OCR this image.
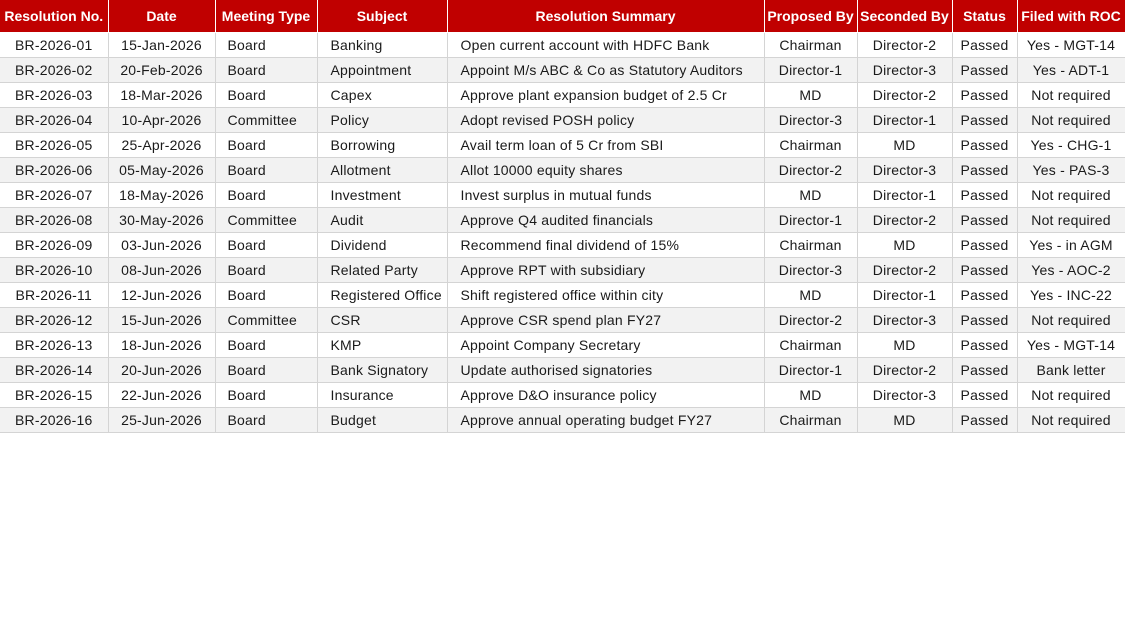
Resolution No.	Date	Meeting Type	Subject	Resolution Summary	Proposed By	Seconded By	Status	Filed with ROC
BR-2026-01	15-Jan-2026	Board	Banking	Open current account with HDFC Bank	Chairman	Director-2	Passed	Yes - MGT-14
BR-2026-02	20-Feb-2026	Board	Appointment	Appoint M/s ABC & Co as Statutory Auditors	Director-1	Director-3	Passed	Yes - ADT-1
BR-2026-03	18-Mar-2026	Board	Capex	Approve plant expansion budget of 2.5 Cr	MD	Director-2	Passed	Not required
BR-2026-04	10-Apr-2026	Committee	Policy	Adopt revised POSH policy	Director-3	Director-1	Passed	Not required
BR-2026-05	25-Apr-2026	Board	Borrowing	Avail term loan of 5 Cr from SBI	Chairman	MD	Passed	Yes - CHG-1
BR-2026-06	05-May-2026	Board	Allotment	Allot 10000 equity shares	Director-2	Director-3	Passed	Yes - PAS-3
BR-2026-07	18-May-2026	Board	Investment	Invest surplus in mutual funds	MD	Director-1	Passed	Not required
BR-2026-08	30-May-2026	Committee	Audit	Approve Q4 audited financials	Director-1	Director-2	Passed	Not required
BR-2026-09	03-Jun-2026	Board	Dividend	Recommend final dividend of 15%	Chairman	MD	Passed	Yes - in AGM
BR-2026-10	08-Jun-2026	Board	Related Party	Approve RPT with subsidiary	Director-3	Director-2	Passed	Yes - AOC-2
BR-2026-11	12-Jun-2026	Board	Registered Office	Shift registered office within city	MD	Director-1	Passed	Yes - INC-22
BR-2026-12	15-Jun-2026	Committee	CSR	Approve CSR spend plan FY27	Director-2	Director-3	Passed	Not required
BR-2026-13	18-Jun-2026	Board	KMP	Appoint Company Secretary	Chairman	MD	Passed	Yes - MGT-14
BR-2026-14	20-Jun-2026	Board	Bank Signatory	Update authorised signatories	Director-1	Director-2	Passed	Bank letter
BR-2026-15	22-Jun-2026	Board	Insurance	Approve D&O insurance policy	MD	Director-3	Passed	Not required
BR-2026-16	25-Jun-2026	Board	Budget	Approve annual operating budget FY27	Chairman	MD	Passed	Not required
